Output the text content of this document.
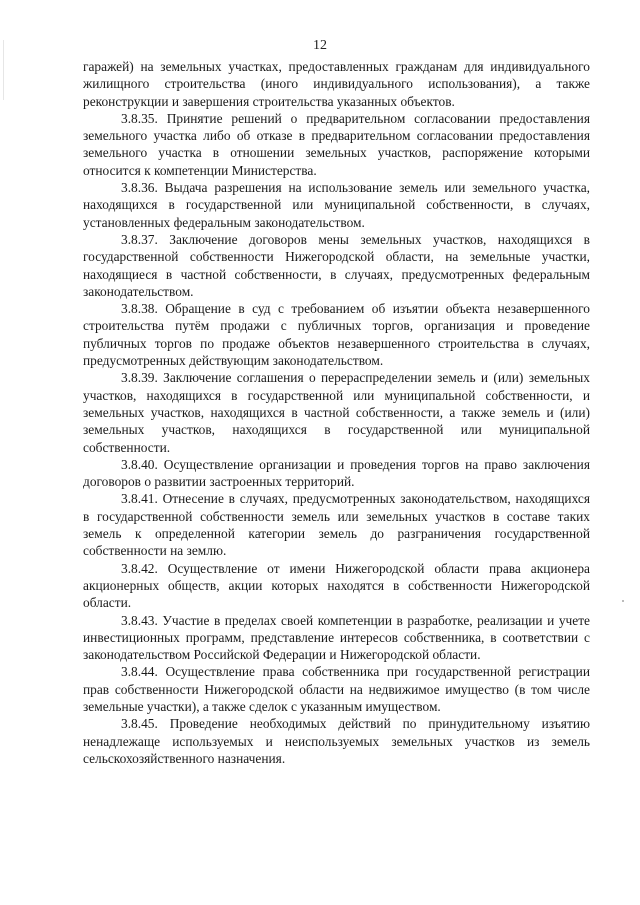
12

гаражей) на земельных участках, предоставленных гражданам для индивидуального жилищного строительства (иного индивидуального использования), а также реконструкции и завершения строительства указанных объектов.

3.8.35. Принятие решений о предварительном согласовании предоставления земельного участка либо об отказе в предварительном согласовании предоставления земельного участка в отношении земельных участков, распоряжение которыми относится к компетенции Министерства.

3.8.36. Выдача разрешения на использование земель или земельного участка, находящихся в государственной или муниципальной собственности, в случаях, установленных федеральным законодательством.

3.8.37. Заключение договоров мены земельных участков, находящихся в государственной собственности Нижегородской области, на земельные участки, находящиеся в частной собственности, в случаях, предусмотренных федеральным законодательством.

3.8.38. Обращение в суд с требованием об изъятии объекта незавершенного строительства путём продажи с публичных торгов, организация и проведение публичных торгов по продаже объектов незавершенного строительства в случаях, предусмотренных действующим законодательством.

3.8.39. Заключение соглашения о перераспределении земель и (или) земельных участков, находящихся в государственной или муниципальной собственности, и земельных участков, находящихся в частной собственности, а также земель и (или) земельных участков, находящихся в государственной или муниципальной собственности.

3.8.40. Осуществление организации и проведения торгов на право заключения договоров о развитии застроенных территорий.

3.8.41. Отнесение в случаях, предусмотренных законодательством, находящихся в государственной собственности земель или земельных участков в составе таких земель к определенной категории земель до разграничения государственной собственности на землю.

3.8.42. Осуществление от имени Нижегородской области права акционера акционерных обществ, акции которых находятся в собственности Нижегородской области.

3.8.43. Участие в пределах своей компетенции в разработке, реализации и учете инвестиционных программ, представление интересов собственника, в соответствии с законодательством Российской Федерации и Нижегородской области.

3.8.44. Осуществление права собственника при государственной регистрации прав собственности Нижегородской области на недвижимое имущество (в том числе земельные участки), а также сделок с указанным имуществом.

3.8.45. Проведение необходимых действий по принудительному изъятию ненадлежаще используемых и неиспользуемых земельных участков из земель сельскохозяйственного назначения.
